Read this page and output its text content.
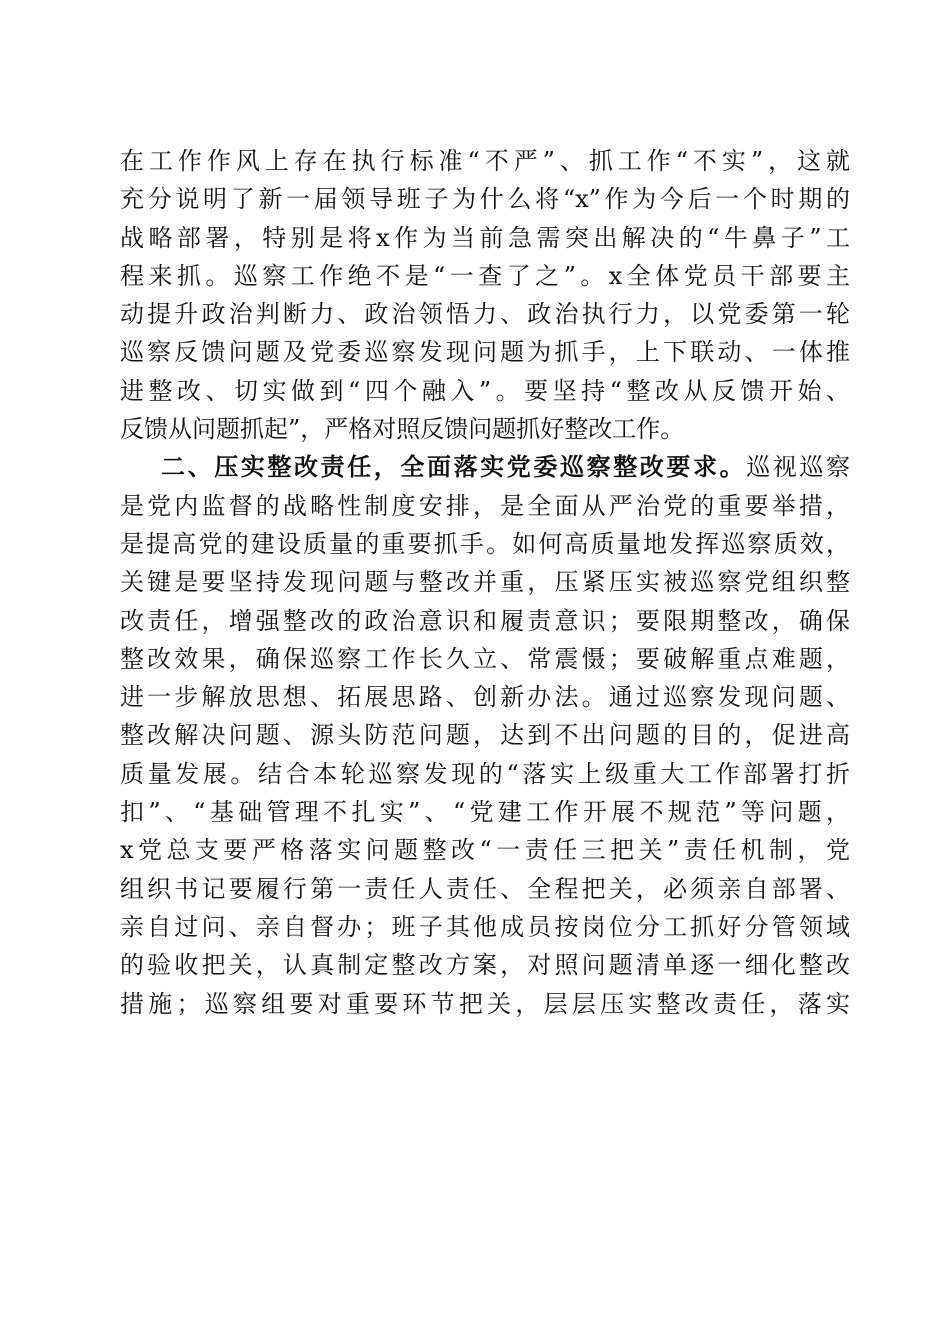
在工作作风上存在执行标准“不严”、抓工作“不实”，这就
充分说明了新一届领导班子为什么将“x”作为今后一个时期的
战略部署，特别是将x作为当前急需突出解决的“牛鼻子”工
程来抓。巡察工作绝不是“一查了之”。x全体党员干部要主
动提升政治判断力、政治领悟力、政治执行力，以党委第一轮
巡察反馈问题及党委巡察发现问题为抓手，上下联动、一体推
进整改、切实做到“四个融入”。要坚持“整改从反馈开始、
反馈从问题抓起”，严格对照反馈问题抓好整改工作。
二、压实整改责任，全面落实党委巡察整改要求。巡视巡察
是党内监督的战略性制度安排，是全面从严治党的重要举措，
是提高党的建设质量的重要抓手。如何高质量地发挥巡察质效，
关键是要坚持发现问题与整改并重，压紧压实被巡察党组织整
改责任，增强整改的政治意识和履责意识；要限期整改，确保
整改效果，确保巡察工作长久立、常震慑；要破解重点难题，
进一步解放思想、拓展思路、创新办法。通过巡察发现问题、
整改解决问题、源头防范问题，达到不出问题的目的，促进高
质量发展。结合本轮巡察发现的“落实上级重大工作部署打折
扣”、“基础管理不扎实”、“党建工作开展不规范”等问题，
x党总支要严格落实问题整改“一责任三把关”责任机制，党
组织书记要履行第一责任人责任、全程把关，必须亲自部署、
亲自过问、亲自督办；班子其他成员按岗位分工抓好分管领域
的验收把关，认真制定整改方案，对照问题清单逐一细化整改
措施；巡察组要对重要环节把关，层层压实整改责任，落实
